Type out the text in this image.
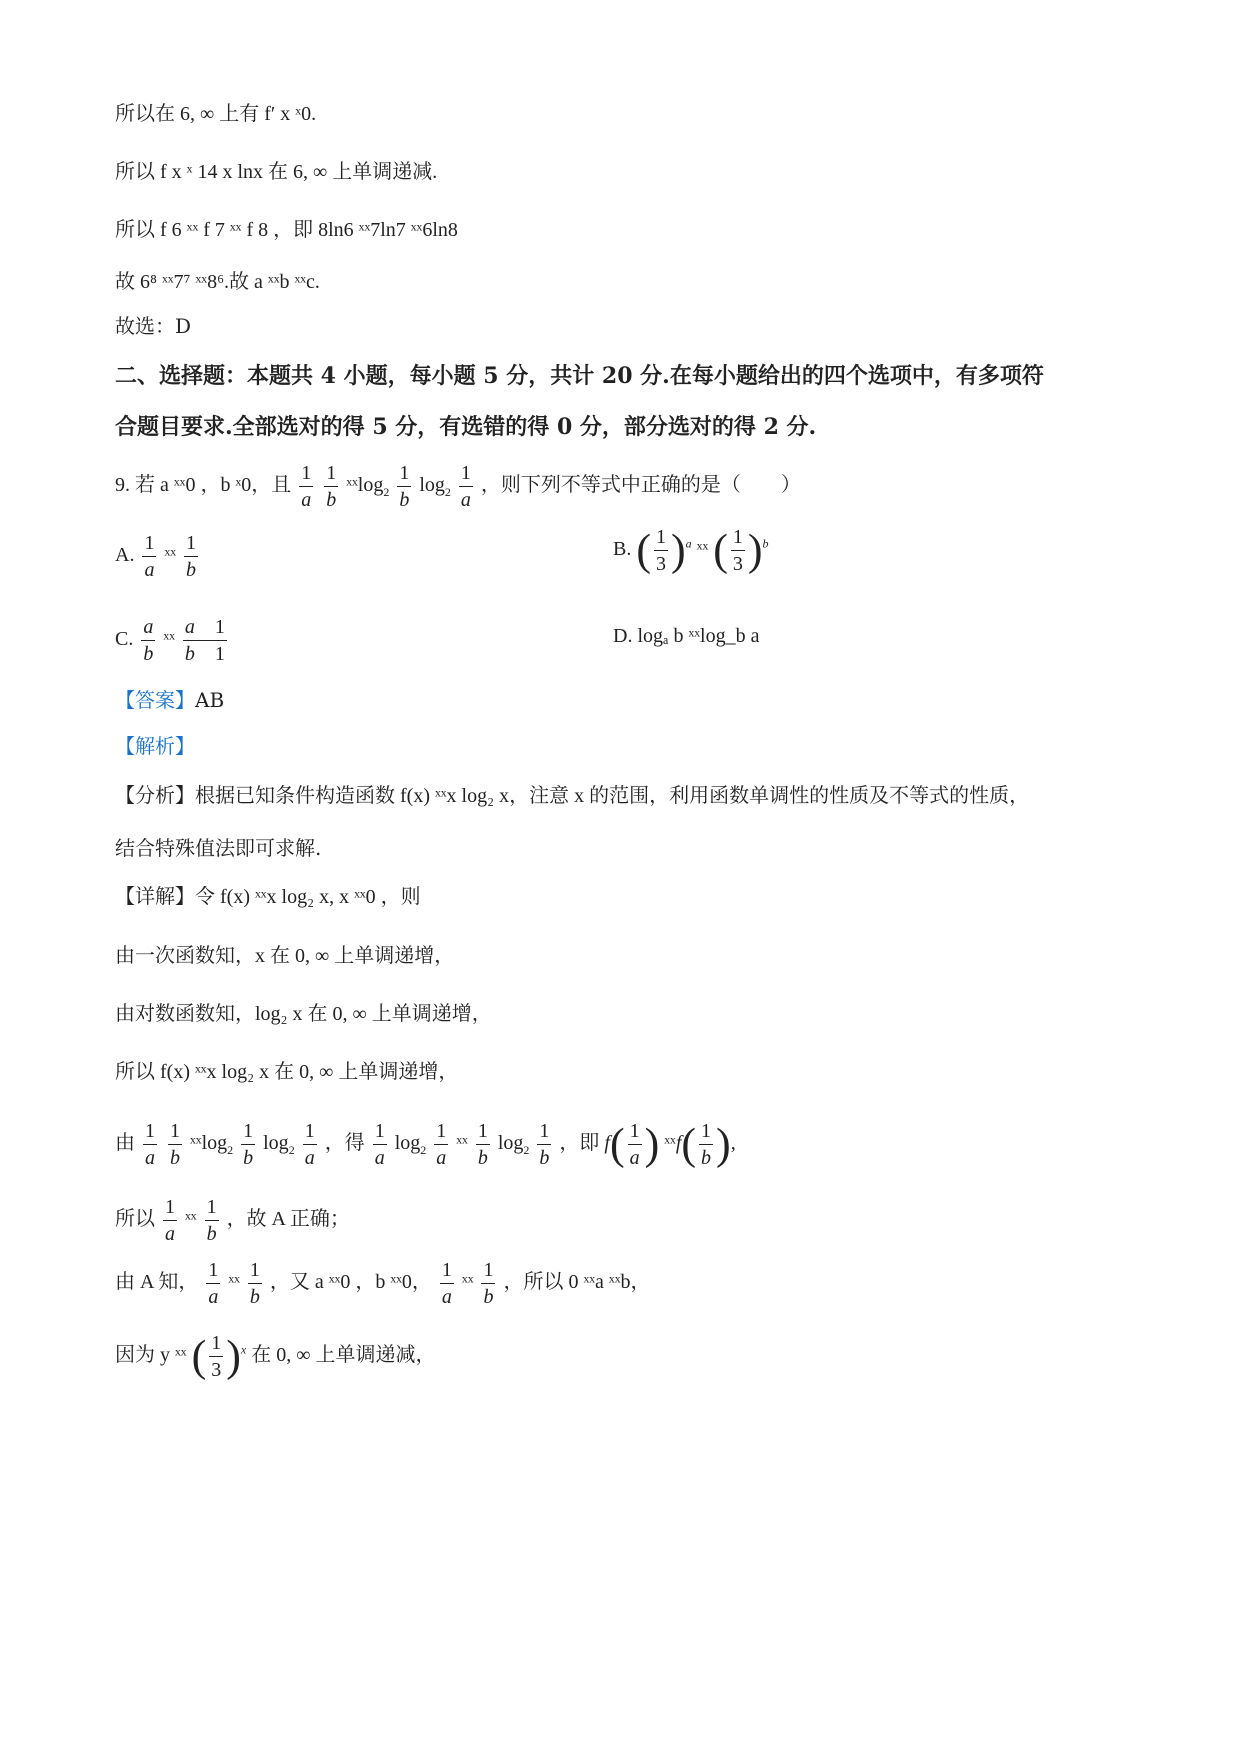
所以在 6, ∞ 上有 f′ x ˣ0.
所以 f x ˣ 14 x lnx 在 6, ∞ 上单调递减.
所以 f 6 ˣˣ f 7 ˣˣ f 8 ，即 8ln6 ˣˣ7ln7 ˣˣ6ln8
故 6⁸ ˣˣ7⁷ ˣˣ8⁶.故 a ˣˣb ˣˣc.
故选：D
二、选择题：本题共 4 小题，每小题 5 分，共计 20 分.在每小题给出的四个选项中，有多项符
合题目要求.全部选对的得 5 分，有选错的得 0 分，部分选对的得 2 分.
9. 若 a ˣˣ0 ，b ˣ0，且 $\frac{1}{a}$
$\frac{1}{b}$ ˣˣlog$_2$ $\frac{1}{b} \log_2 \frac{1}{a}$ ，则下列不等式中正确的是（　　）
A. $\frac{1}{a}$ ˣˣ $\frac{1}{b}$	B. ( $\frac{1}{3} )^a$ ˣˣ ( $\frac{1}{3} )^b$
C. $\frac{a}{b}$ ˣˣ $\frac{a 1}{b 1}$	D. logₐ b ˣˣlog_b a
【答案】AB
【解析】
【分析】根据已知条件构造函数 f(x) ˣˣx log₂ x，注意 x 的范围，利用函数单调性的性质及不等式的性质，
结合特殊值法即可求解.
【详解】令 f(x) ˣˣx log₂ x, x ˣˣ0 ，则
由一次函数知，x 在 0, ∞ 上单调递增，
由对数函数知，log₂ x 在 0, ∞ 上单调递增，
所以 f(x) ˣˣx log₂ x 在 0, ∞ 上单调递增，
由 $\frac{1}{a}$
$\frac{1}{b}$ ˣˣlog$_2$ $\frac{1}{b} \log_2 \frac{1}{a}$ ，得 $\frac{1}{a} \log_2 \frac{1}{a}$ ˣˣ $\frac{1}{b} \log_2 \frac{1}{b}$ ，即 $f( \frac{1}{a}$ ) ˣˣf( $\frac{1}{b}$ ),
所以 $\frac{1}{a}$ ˣˣ $\frac{1}{b}$ ，故 A 正确；
由 A 知， $\frac{1}{a}$ ˣˣ $\frac{1}{b}$ ，又 a ˣˣ0 ，b ˣˣ0， $\frac{1}{a}$ ˣˣ $\frac{1}{b}$ ，所以 0 ˣˣa ˣˣb，
因为 y ˣˣ ( $\frac{1}{3} )^x$ 在 0, ∞ 上单调递减，
